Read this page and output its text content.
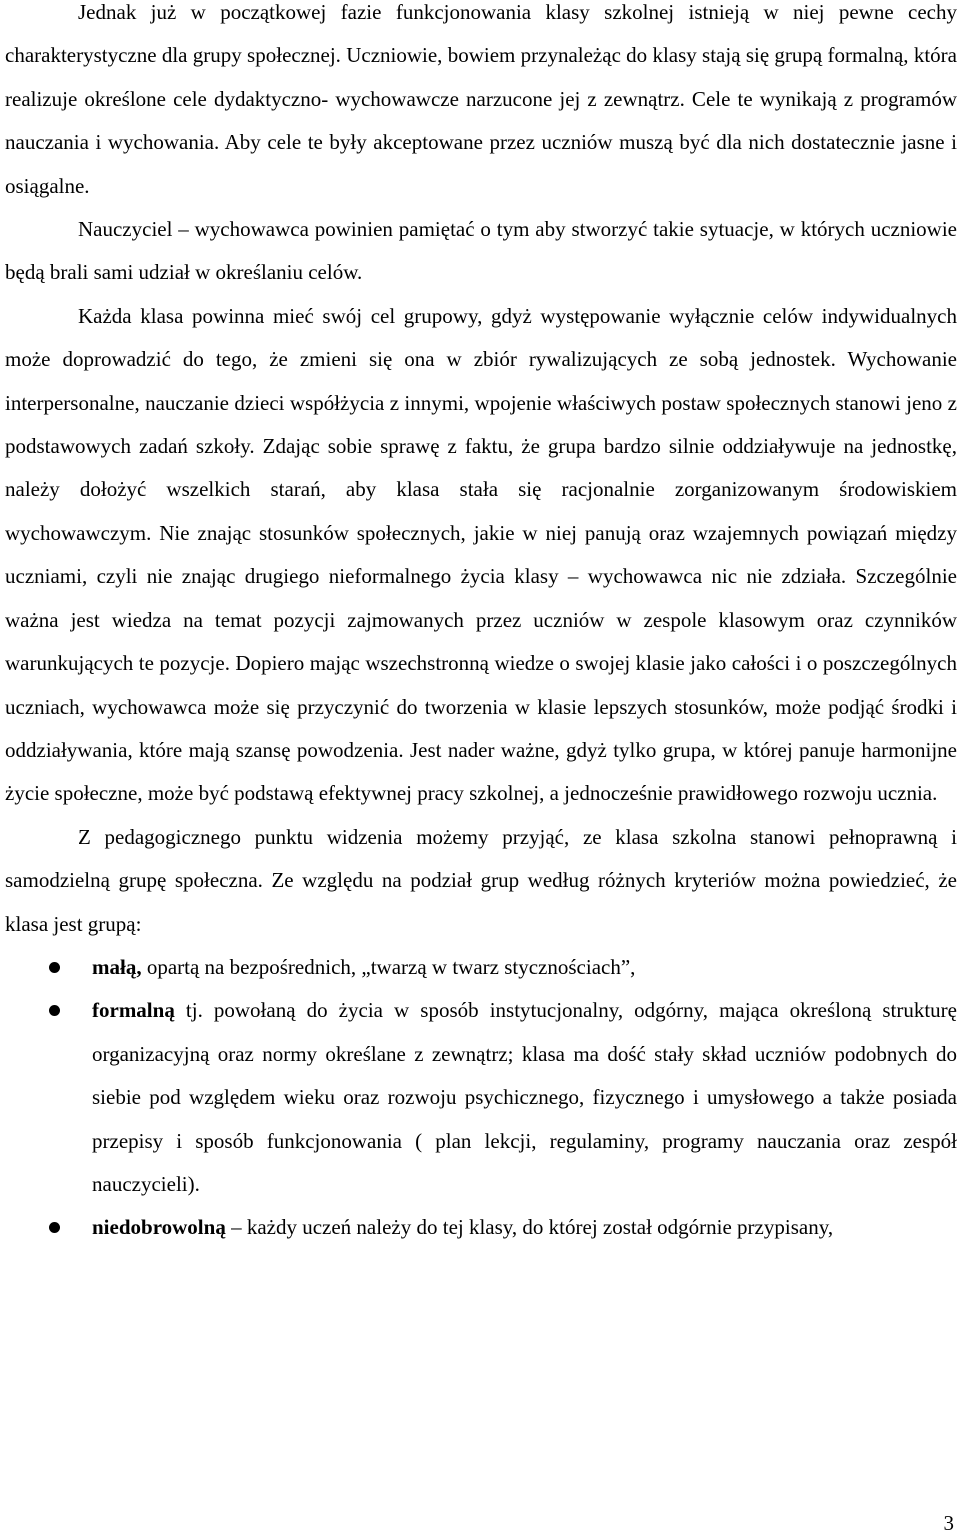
Jednak już w początkowej fazie funkcjonowania klasy szkolnej istnieją w niej pewne cechy charakterystyczne dla grupy społecznej. Uczniowie, bowiem przynależąc do klasy stają się grupą formalną, która realizuje określone cele dydaktyczno- wychowawcze narzucone jej z zewnątrz. Cele te wynikają z programów nauczania i wychowania. Aby cele te były akceptowane przez uczniów muszą być dla nich dostatecznie jasne i osiągalne.

Nauczyciel – wychowawca powinien pamiętać o tym aby stworzyć takie sytuacje, w których uczniowie będą brali sami udział w określaniu celów.

Każda klasa powinna mieć swój cel grupowy, gdyż występowanie wyłącznie celów indywidualnych może doprowadzić do tego, że zmieni się ona w zbiór rywalizujących ze sobą jednostek. Wychowanie interpersonalne, nauczanie dzieci współżycia z innymi, wpojenie właściwych postaw społecznych stanowi jeno z podstawowych zadań szkoły. Zdając sobie sprawę z faktu, że grupa bardzo silnie oddziaływuje na jednostkę, należy dołożyć wszelkich starań, aby klasa stała się racjonalnie zorganizowanym środowiskiem wychowawczym. Nie znając stosunków społecznych, jakie w niej panują oraz wzajemnych powiązań między uczniami, czyli nie znając drugiego nieformalnego życia klasy – wychowawca nic nie zdziała. Szczególnie ważna jest wiedza na temat pozycji zajmowanych przez uczniów w zespole klasowym oraz czynników warunkujących te pozycje. Dopiero mając wszechstronną wiedze o swojej klasie jako całości i o poszczególnych uczniach, wychowawca może się przyczynić do tworzenia w klasie lepszych stosunków, może podjąć środki i oddziaływania, które mają szansę powodzenia. Jest nader ważne, gdyż tylko grupa, w której panuje harmonijne życie społeczne, może być podstawą efektywnej pracy szkolnej, a jednocześnie prawidłowego rozwoju ucznia.

Z pedagogicznego punktu widzenia możemy przyjąć, ze klasa szkolna stanowi pełnoprawną i samodzielną grupę społeczna. Ze względu na podział grup według różnych kryteriów można powiedzieć, że klasa jest grupą:

małą, opartą na bezpośrednich, „twarzą w twarz stycznościach”,
formalną tj. powołaną do życia w sposób instytucjonalny, odgórny, mająca określoną strukturę organizacyjną oraz normy określane z zewnątrz; klasa ma dość stały skład uczniów podobnych do siebie pod względem wieku oraz rozwoju psychicznego, fizycznego i umysłowego a także posiada przepisy i sposób funkcjonowania ( plan lekcji, regulaminy, programy nauczania oraz zespół nauczycieli).
niedobrowolną – każdy uczeń należy do tej klasy, do której został odgórnie przypisany,
3
